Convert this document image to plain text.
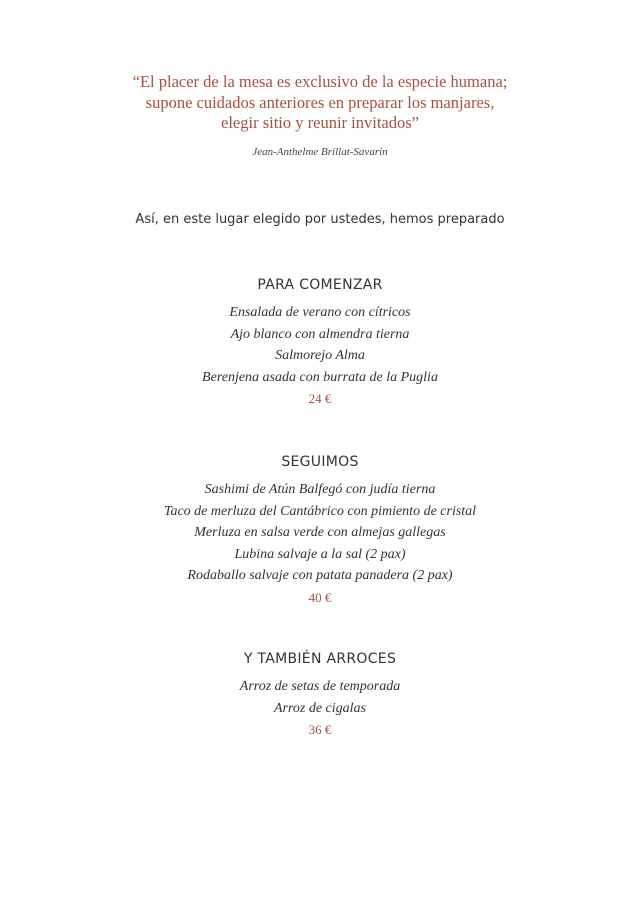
“El placer de la mesa es exclusivo de la especie humana;
supone cuidados anteriores en preparar los manjares,
elegir sitio y reunir invitados”
Jean-Anthelme Brillat-Savarin
Así, en este lugar elegido por ustedes, hemos preparado
PARA COMENZAR
Ensalada de verano con cítricos
Ajo blanco con almendra tierna
Salmorejo Alma
Berenjena asada con burrata de la Puglia
24 €
SEGUIMOS
Sashimi de Atún Balfegó con judía tierna
Taco de merluza del Cantábrico con pimiento de cristal
Merluza en salsa verde con almejas gallegas
Lubina salvaje a la sal (2 pax)
Rodaballo salvaje con patata panadera (2 pax)
40 €
Y TAMBIÉN ARROCES
Arroz de setas de temporada
Arroz de cigalas
36 €
